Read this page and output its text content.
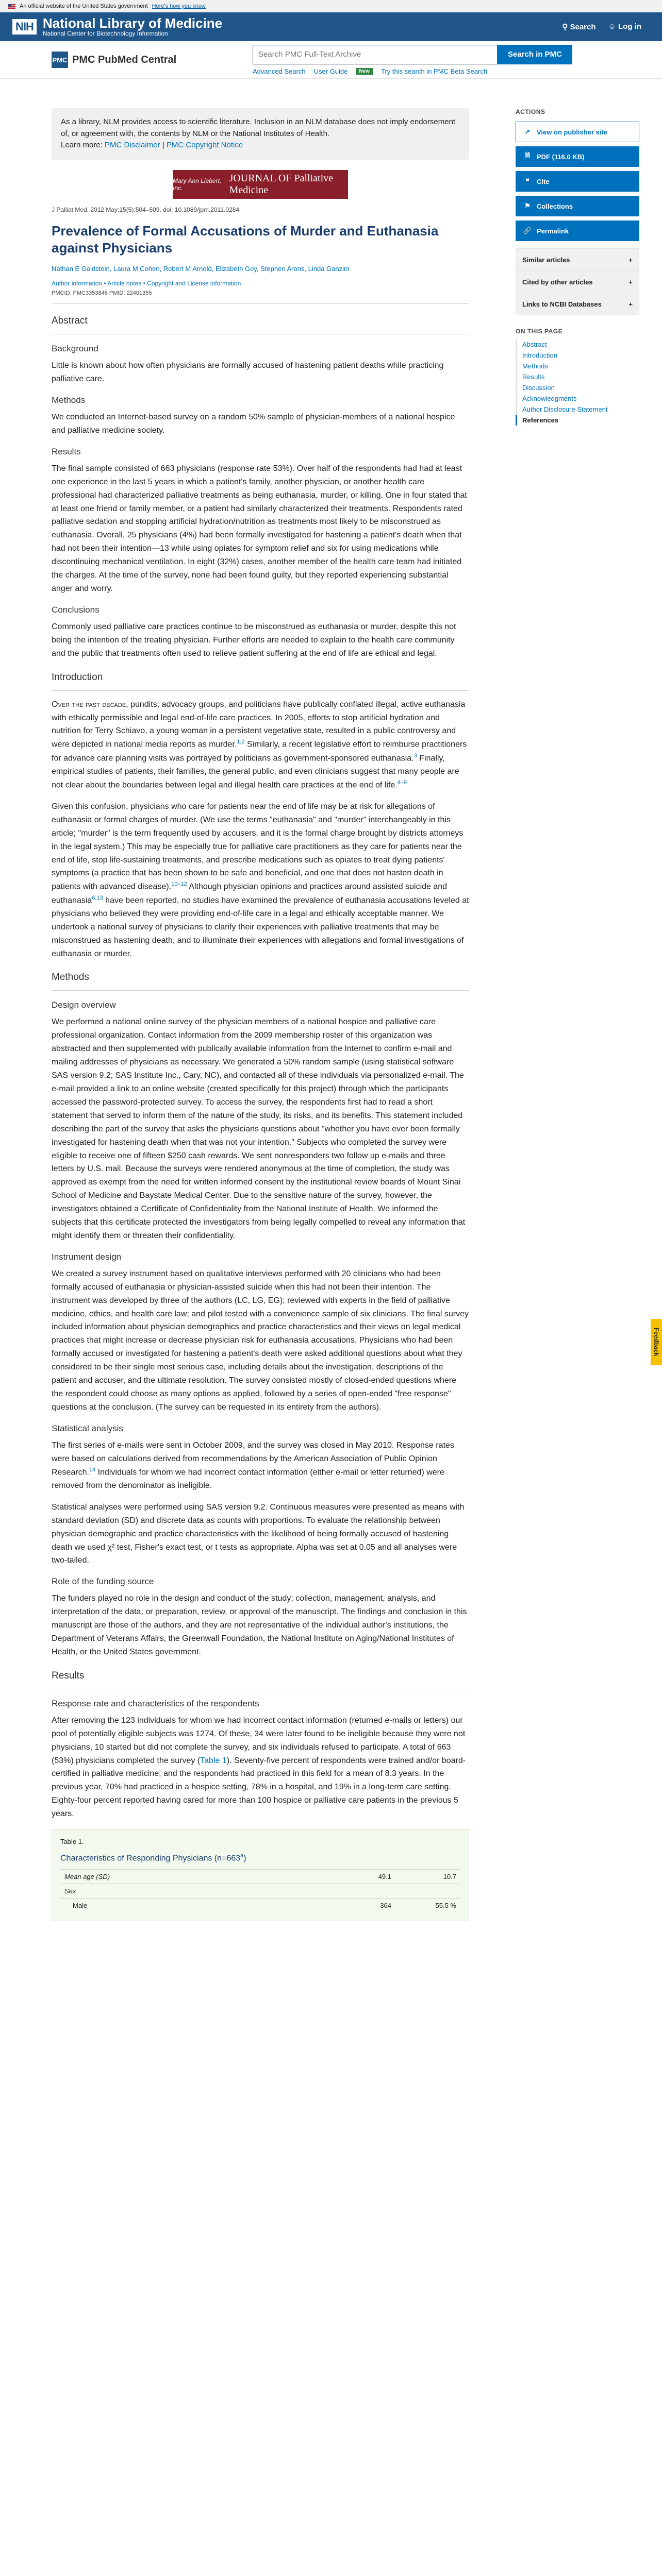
An official website of the United States government Here's how you know
NIH National Library of Medicine
National Center for Biotechnology Information
⚲ Search ☺ Log in
PMC PMC PubMed Central
Search PMC Full-Text Archive	Search in PMC
Advanced Search User Guide	New	Try this search in PMC Beta Search
As a library, NLM provides access to scientific literature. Inclusion in an NLM database does not imply endorsement of, or agreement with, the contents by NLM or the National Institutes of Health.
Learn more: PMC Disclaimer | PMC Copyright Notice
Mary Ann Liebert, Inc.
JOURNAL OF Palliative Medicine
J Palliat Med. 2012 May;15(5):504–509. doi: 10.1089/jpm.2011.0284
Prevalence of Formal Accusations of Murder and Euthanasia against Physicians
Nathan E Goldstein, Laura M Cohen, Robert M Arnold, Elizabeth Goy, Stephen Arons, Linda Ganzini
Author information • Article notes • Copyright and License information
PMCID: PMC3353846 PMID: 22401355
Abstract
Background

Little is known about how often physicians are formally accused of hastening patient deaths while practicing palliative care.

Methods

We conducted an Internet-based survey on a random 50% sample of physician-members of a national hospice and palliative medicine society.

Results

The final sample consisted of 663 physicians (response rate 53%). Over half of the respondents had had at least one experience in the last 5 years in which a patient's family, another physician, or another health care professional had characterized palliative treatments as being euthanasia, murder, or killing. One in four stated that at least one friend or family member, or a patient had similarly characterized their treatments. Respondents rated palliative sedation and stopping artificial hydration/nutrition as treatments most likely to be misconstrued as euthanasia. Overall, 25 physicians (4%) had been formally investigated for hastening a patient's death when that had not been their intention—13 while using opiates for symptom relief and six for using medications while discontinuing mechanical ventilation. In eight (32%) cases, another member of the health care team had initiated the charges. At the time of the survey, none had been found guilty, but they reported experiencing substantial anger and worry.

Conclusions

Commonly used palliative care practices continue to be misconstrued as euthanasia or murder, despite this not being the intention of the treating physician. Further efforts are needed to explain to the health care community and the public that treatments often used to relieve patient suffering at the end of life are ethical and legal.

Introduction

Over the past decade, pundits, advocacy groups, and politicians have publically conflated illegal, active euthanasia with ethically permissible and legal end-of-life care practices. In 2005, efforts to stop artificial hydration and nutrition for Terry Schiavo, a young woman in a persistent vegetative state, resulted in a public controversy and were depicted in national media reports as murder.$^{1,2}$ Similarly, a recent legislative effort to reimburse practitioners for advance care planning visits was portrayed by politicians as government-sponsored euthanasia.$^3$ Finally, empirical studies of patients, their families, the general public, and even clinicians suggest that many people are not clear about the boundaries between legal and illegal health care practices at the end of life.$^{4-9}$

Given this confusion, physicians who care for patients near the end of life may be at risk for allegations of euthanasia or formal charges of murder. (We use the terms "euthanasia" and "murder" interchangeably in this article; "murder" is the term frequently used by accusers, and it is the formal charge brought by districts attorneys in the legal system.) This may be especially true for palliative care practitioners as they care for patients near the end of life, stop life-sustaining treatments, and prescribe medications such as opiates to treat dying patients' symptoms (a practice that has been shown to be safe and beneficial, and one that does not hasten death in patients with advanced disease).$^{10-12}$ Although physician opinions and practices around assisted suicide and euthanasia$^{6,13}$ have been reported, no studies have examined the prevalence of euthanasia accusations leveled at physicians who believed they were providing end-of-life care in a legal and ethically acceptable manner. We undertook a national survey of physicians to clarify their experiences with palliative treatments that may be misconstrued as hastening death, and to illuminate their experiences with allegations and formal investigations of euthanasia or murder.

Methods
Design overview

We performed a national online survey of the physician members of a national hospice and palliative care professional organization. Contact information from the 2009 membership roster of this organization was abstracted and then supplemented with publically available information from the Internet to confirm e-mail and mailing addresses of physicians as necessary. We generated a 50% random sample (using statistical software SAS version 9.2; SAS Institute Inc., Cary, NC), and contacted all of these individuals via personalized e-mail. The e-mail provided a link to an online website (created specifically for this project) through which the participants accessed the password-protected survey. To access the survey, the respondents first had to read a short statement that served to inform them of the nature of the study, its risks, and its benefits. This statement included describing the part of the survey that asks the physicians questions about "whether you have ever been formally investigated for hastening death when that was not your intention." Subjects who completed the survey were eligible to receive one of fifteen $250 cash rewards. We sent nonresponders two follow up e-mails and three letters by U.S. mail. Because the surveys were rendered anonymous at the time of completion, the study was approved as exempt from the need for written informed consent by the institutional review boards of Mount Sinai School of Medicine and Baystate Medical Center. Due to the sensitive nature of the survey, however, the investigators obtained a Certificate of Confidentiality from the National Institute of Health. We informed the subjects that this certificate protected the investigators from being legally compelled to reveal any information that might identify them or threaten their confidentiality.

Instrument design

We created a survey instrument based on qualitative interviews performed with 20 clinicians who had been formally accused of euthanasia or physician-assisted suicide when this had not been their intention. The instrument was developed by three of the authors (LC, LG, EG); reviewed with experts in the field of palliative medicine, ethics, and health care law; and pilot tested with a convenience sample of six clinicians. The final survey included information about physician demographics and practice characteristics and their views on legal medical practices that might increase or decrease physician risk for euthanasia accusations. Physicians who had been formally accused or investigated for hastening a patient's death were asked additional questions about what they considered to be their single most serious case, including details about the investigation, descriptions of the patient and accuser, and the ultimate resolution. The survey consisted mostly of closed-ended questions where the respondent could choose as many options as applied, followed by a series of open-ended "free response" questions at the conclusion. (The survey can be requested in its entirety from the authors).

Statistical analysis

The first series of e-mails were sent in October 2009, and the survey was closed in May 2010. Response rates were based on calculations derived from recommendations by the American Association of Public Opinion Research.$^{14}$ Individuals for whom we had incorrect contact information (either e-mail or letter returned) were removed from the denominator as ineligible.

Statistical analyses were performed using SAS version 9.2. Continuous measures were presented as means with standard deviation (SD) and discrete data as counts with proportions. To evaluate the relationship between physician demographic and practice characteristics with the likelihood of being formally accused of hastening death we used χ² test, Fisher's exact test, or t tests as appropriate. Alpha was set at 0.05 and all analyses were two-tailed.

Role of the funding source

The funders played no role in the design and conduct of the study; collection, management, analysis, and interpretation of the data; or preparation, review, or approval of the manuscript. The findings and conclusion in this manuscript are those of the authors, and they are not representative of the individual author's institutions, the Department of Veterans Affairs, the Greenwall Foundation, the National Institute on Aging/National Institutes of Health, or the United States government.

Results
Response rate and characteristics of the respondents

After removing the 123 individuals for whom we had incorrect contact information (returned e-mails or letters) our pool of potentially eligible subjects was 1274. Of these, 34 were later found to be ineligible because they were not physicians, 10 started but did not complete the survey, and six individuals refused to participate. A total of 663 (53%) physicians completed the survey (Table 1). Seventy-five percent of respondents were trained and/or board-certified in palliative medicine, and the respondents had practiced in this field for a mean of 8.3 years. In the previous year, 70% had practiced in a hospice setting, 78% in a hospital, and 19% in a long-term care setting. Eighty-four percent reported having cared for more than 100 hospice or palliative care patients in the previous 5 years.

Table 1.
Characteristics of Responding Physicians $(n=663^a)$
Mean age (SD)	49.1	10.7
Sex		
Male	364	55.5 %
ACTIONS
↗ View on publisher site
🗎 PDF (116.0 KB)
❝	Cite
⚑ Collections
🔗 Permalink
Similar articles	+
Cited by other articles	+
Links to NCBI Databases	+
ON THIS PAGE
Abstract
Introduction
Methods
Results
Discussion
Acknowledgments
Author Disclosure Statement
References
Feedback
